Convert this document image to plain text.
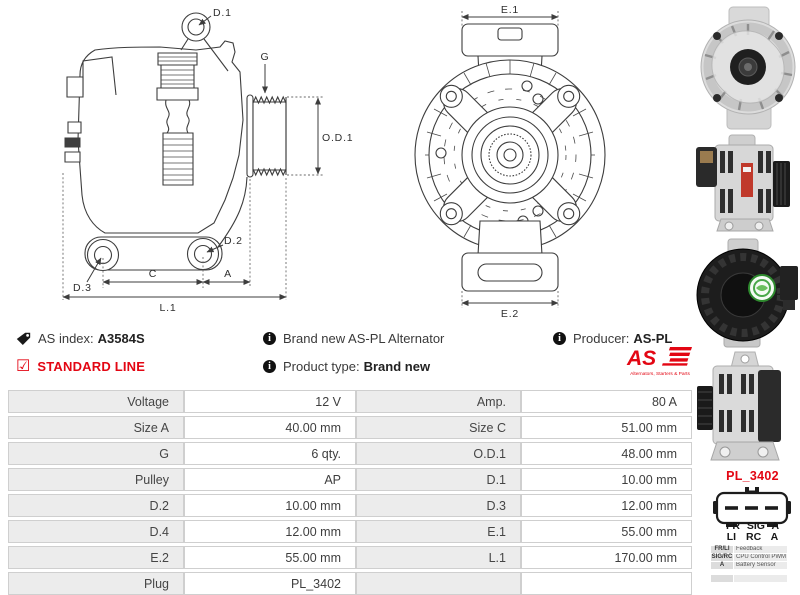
G
O.D.1
D.1
D.2
D.3
C	A
L.1
E.1
E.2
AS index: A3584S
☑ STANDARD LINE
i Brand new AS-PL Alternator
i Product type: Brand new
i Producer: AS-PL
AS
Alternators, Starters & Parts
Voltage	12 V	Amp.	80 A
Size A	40.00 mm	Size C	51.00 mm
G	6 qty.	O.D.1	48.00 mm
Pulley	AP	D.1	10.00 mm
D.2	10.00 mm	D.3	12.00 mm
D.4	12.00 mm	E.1	55.00 mm
E.2	55.00 mm	L.1	170.00 mm
Plug	PL_3402		
PL_3402
FR SIG A
LI RC A
FR/LI	Feedback
SIG/RC CPU Control PWM
A	Battery Sensor
